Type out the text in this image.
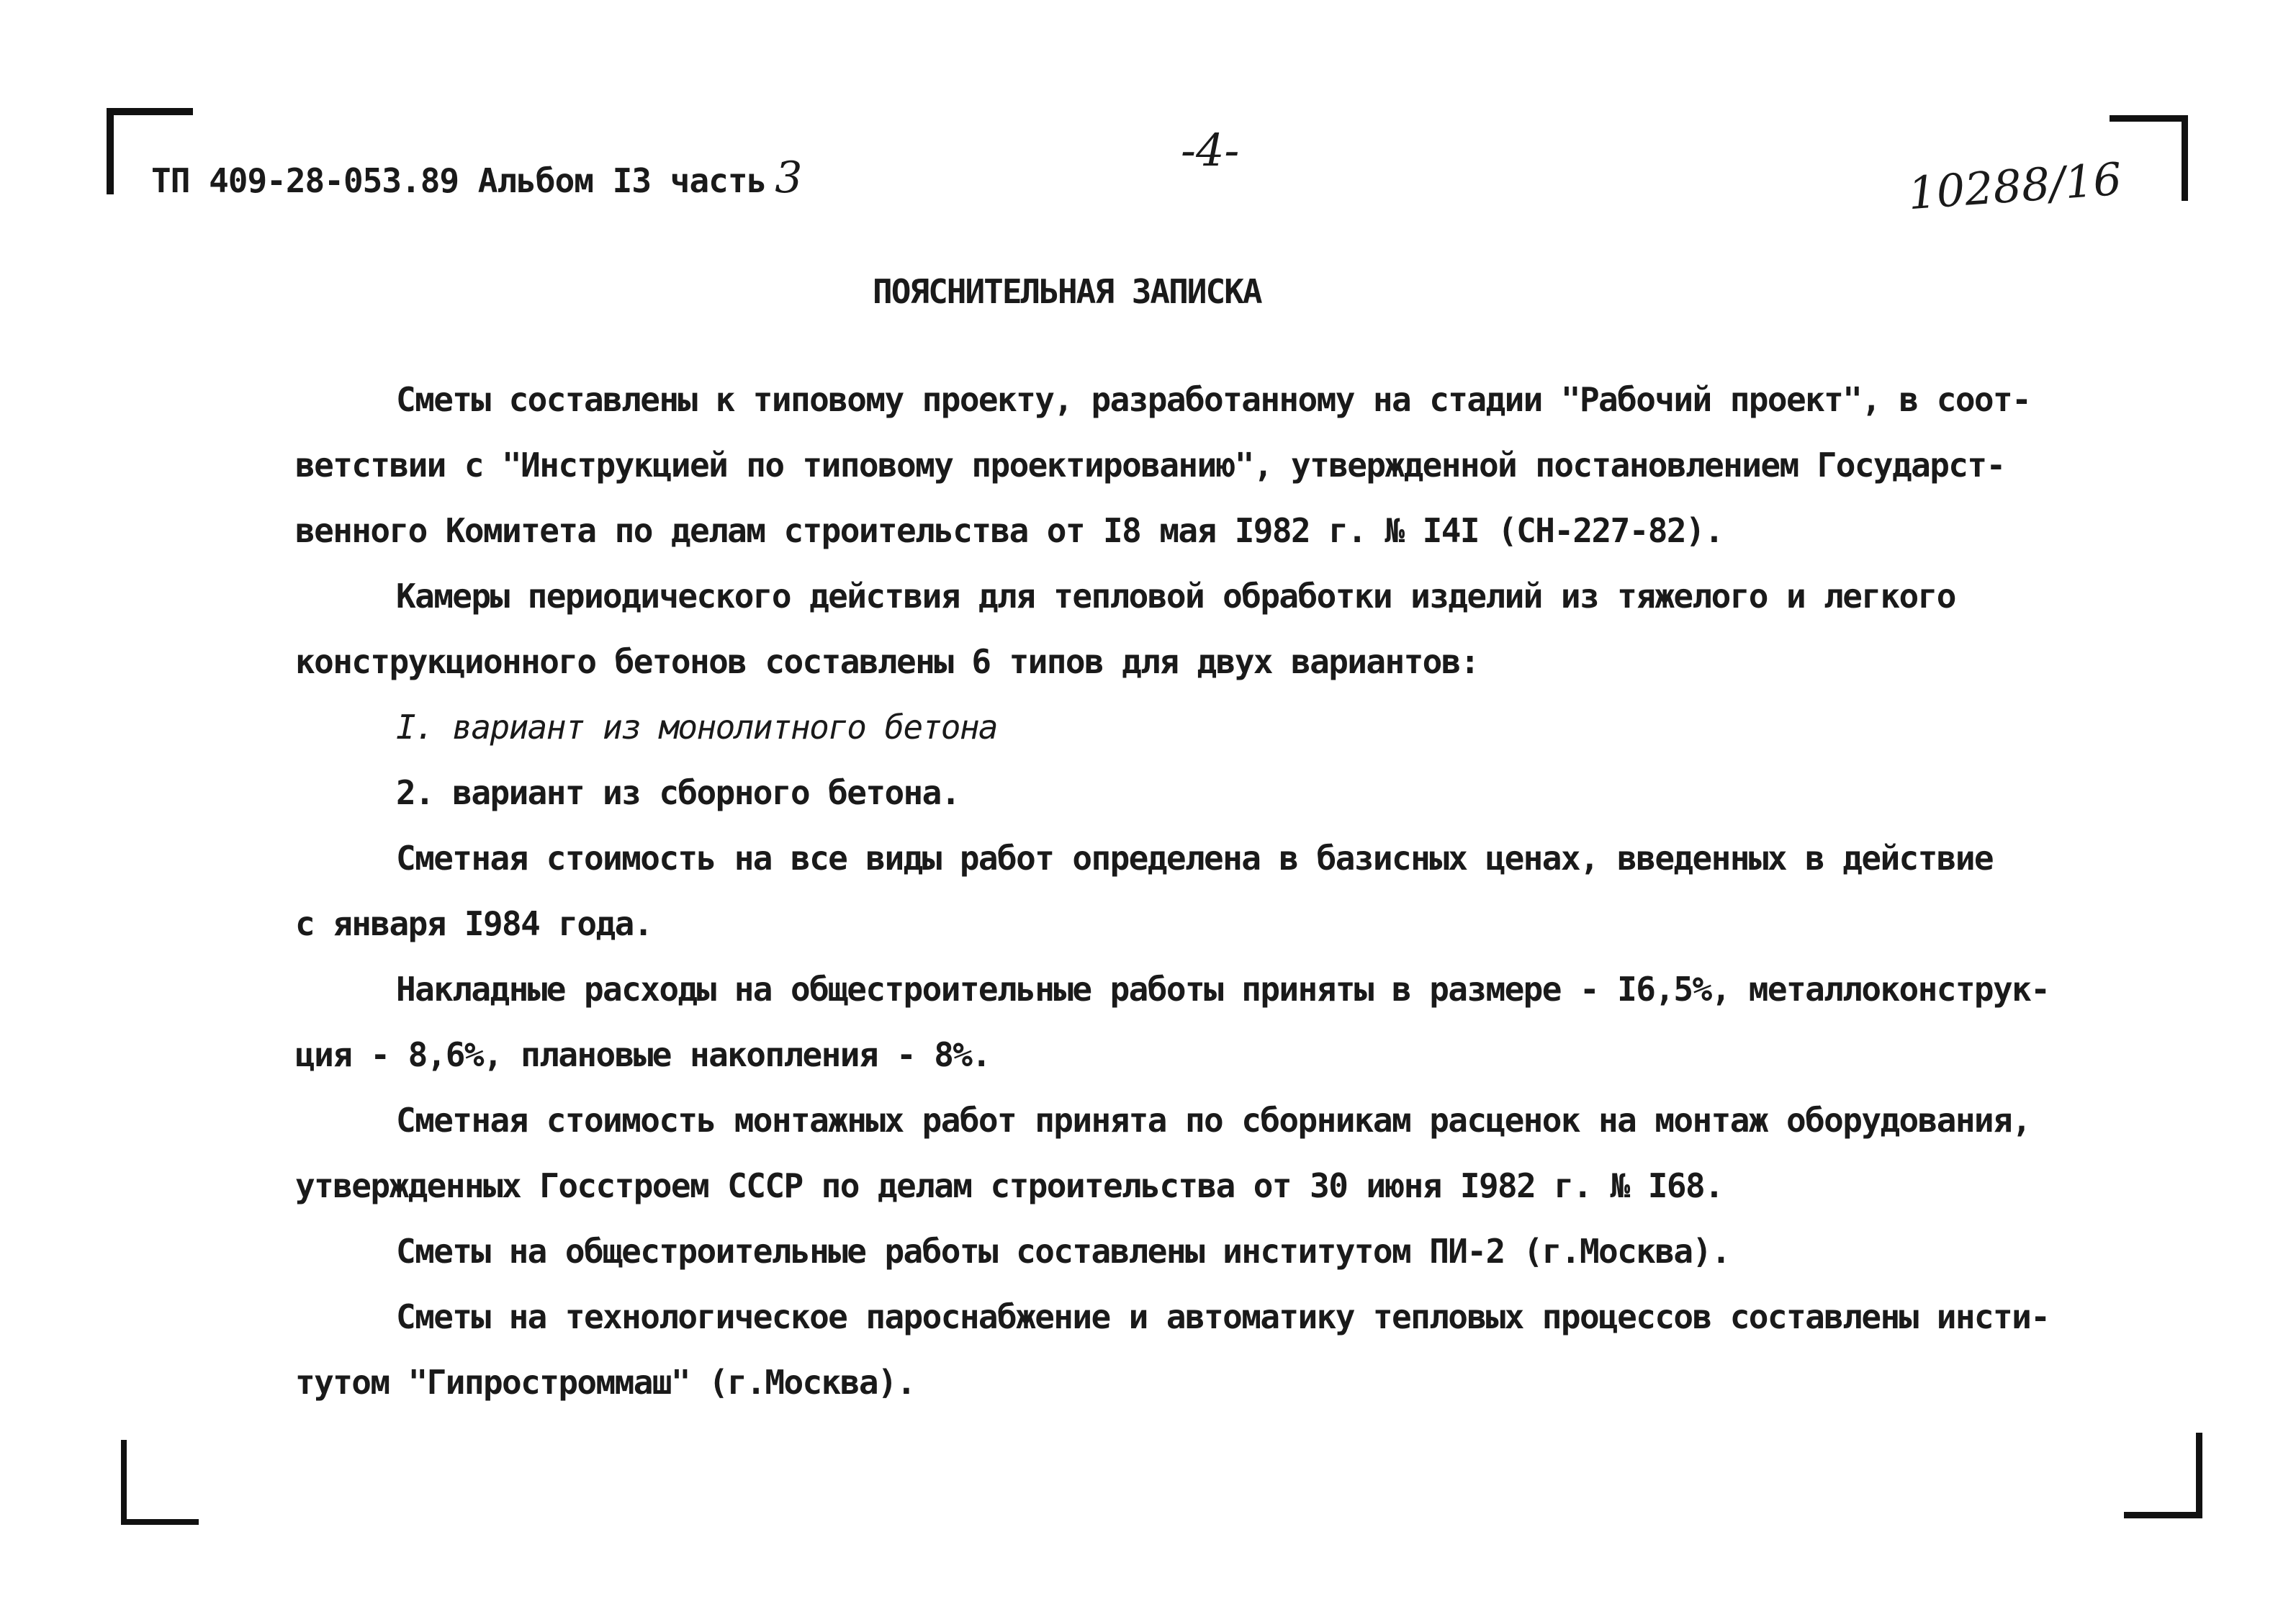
ТП 409-28-053.89 Альбом I3 часть 3
-4-
10288/16
ПОЯСНИТЕЛЬНАЯ ЗАПИСКА
Сметы составлены к типовому проекту, разработанному на стадии "Рабочий проект", в соот-
ветствии с "Инструкцией по типовому проектированию", утвержденной постановлением Государст-
венного Комитета по делам строительства от I8 мая I982 г. № I4I (СН-227-82).
Камеры периодического действия для тепловой обработки изделий из тяжелого и легкого
конструкционного бетонов составлены 6 типов для двух вариантов:
I. вариант из монолитного бетона
2. вариант из сборного бетона.
Сметная стоимость на все виды работ определена в базисных ценах, введенных в действие
с января I984 года.
Накладные расходы на общестроительные работы приняты в размере - I6,5%, металлоконструк-
ция - 8,6%, плановые накопления - 8%.
Сметная стоимость монтажных работ принята по сборникам расценок на монтаж оборудования,
утвержденных Госстроем СССР по делам строительства от 30 июня I982 г. № I68.
Сметы на общестроительные работы составлены институтом ПИ-2 (г.Москва).
Сметы на технологическое пароснабжение и автоматику тепловых процессов составлены инсти-
тутом "Гипростроммаш" (г.Москва).
